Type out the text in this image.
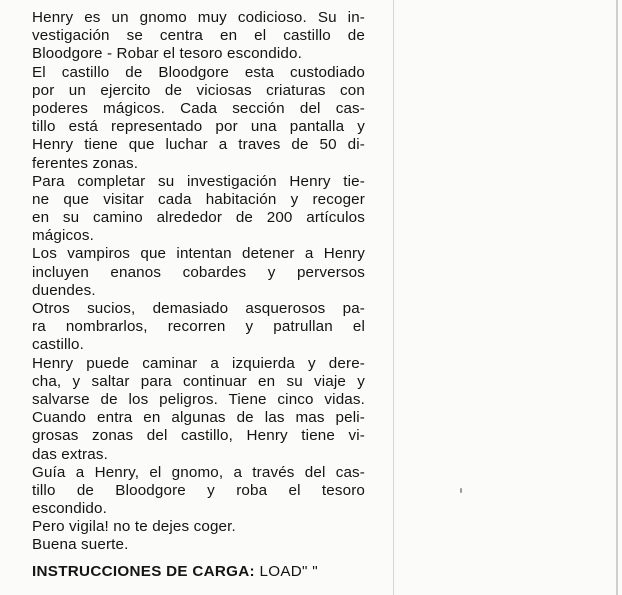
Henry es un gnomo muy codicioso. Su in-
vestigación se centra en el castillo de
Bloodgore - Robar el tesoro escondido.
El castillo de Bloodgore esta custodiado
por un ejercito de viciosas criaturas con
poderes mágicos. Cada sección del cas-
tillo está representado por una pantalla y
Henry tiene que luchar a traves de 50 di-
ferentes zonas.
Para completar su investigación Henry tie-
ne que visitar cada habitación y recoger
en su camino alrededor de 200 artículos
mágicos.
Los vampiros que intentan detener a Henry
incluyen enanos cobardes y perversos
duendes.
Otros sucios, demasiado asquerosos pa-
ra nombrarlos, recorren y patrullan el
castillo.
Henry puede caminar a izquierda y dere-
cha, y saltar para continuar en su viaje y
salvarse de los peligros. Tiene cinco vidas.
Cuando entra en algunas de las mas peli-
grosas zonas del castillo, Henry tiene vi-
das extras.
Guía a Henry, el gnomo, a través del cas-
tillo de Bloodgore y roba el tesoro
escondido.
Pero vigila! no te dejes coger.
Buena suerte.
INSTRUCCIONES DE CARGA: LOAD" "
